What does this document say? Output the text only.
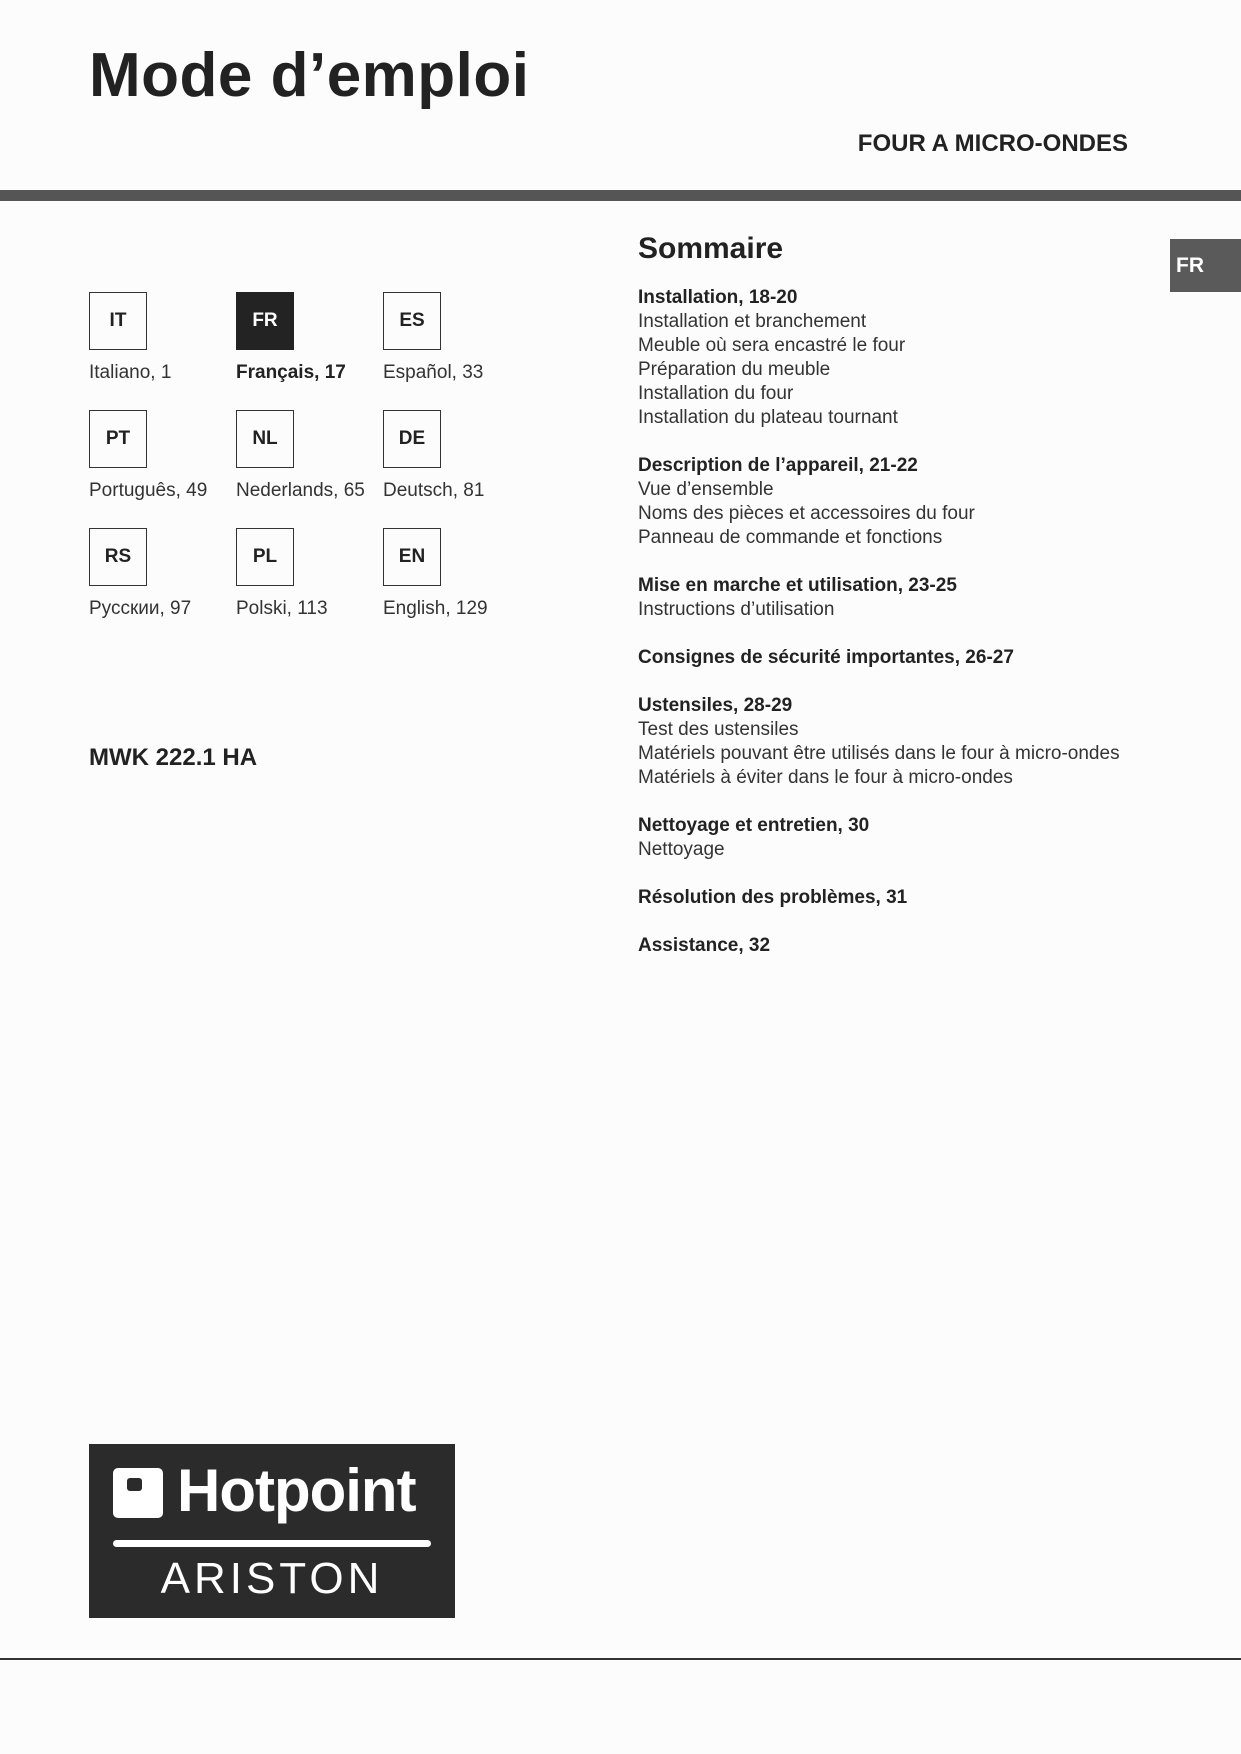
Mode d’emploi
FOUR A MICRO-ONDES
FR
IT
Italiano, 1
FR
Français, 17
ES
Español, 33
PT
Português, 49
NL
Nederlands, 65
DE
Deutsch, 81
RS
Русскии, 97
PL
Polski, 113
EN
English, 129
MWK 222.1 HA
Sommaire
Installation, 18-20
Installation et branchement
Meuble où sera encastré le four
Préparation du meuble
Installation du four
Installation du plateau tournant
Description de l’appareil, 21-22
Vue d’ensemble
Noms des pièces et accessoires du four
Panneau de commande et fonctions
Mise en marche et utilisation, 23-25
Instructions d’utilisation
Consignes de sécurité importantes, 26-27
Ustensiles, 28-29
Test des ustensiles
Matériels pouvant être utilisés dans le four à micro-ondes
Matériels à éviter dans le four à micro-ondes
Nettoyage et entretien, 30
Nettoyage
Résolution des problèmes, 31
Assistance, 32
Hotpoint
ARISTON
